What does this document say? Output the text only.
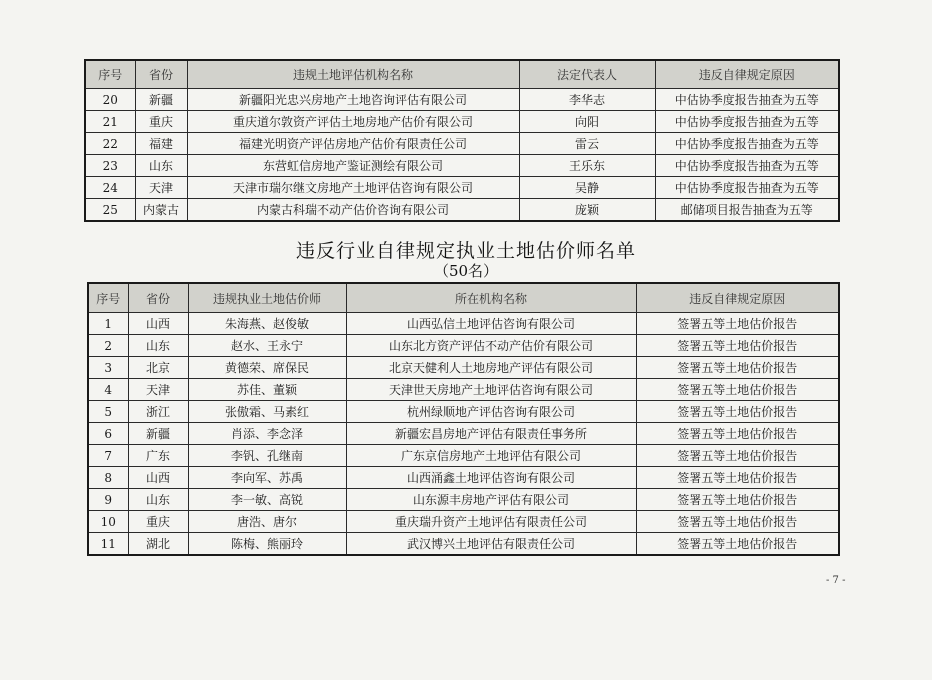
序号	省份	违规土地评估机构名称	法定代表人	违反自律规定原因
20	新疆	新疆阳光忠兴房地产土地咨询评估有限公司	李华志	中估协季度报告抽查为五等
21	重庆	重庆道尔敦资产评估土地房地产估价有限公司	向阳	中估协季度报告抽查为五等
22	福建	福建光明资产评估房地产估价有限责任公司	雷云	中估协季度报告抽查为五等
23	山东	东营虹信房地产鉴证测绘有限公司	王乐东	中估协季度报告抽查为五等
24	天津	天津市瑞尔继文房地产土地评估咨询有限公司	吴静	中估协季度报告抽查为五等
25	内蒙古	内蒙古科瑞不动产估价咨询有限公司	庞颖	邮储项目报告抽查为五等
违反行业自律规定执业土地估价师名单
（50名）
序号	省份	违规执业土地估价师	所在机构名称	违反自律规定原因
1	山西	朱海燕、赵俊敏	山西弘信土地评估咨询有限公司	签署五等土地估价报告
2	山东	赵水、王永宁	山东北方资产评估不动产估价有限公司	签署五等土地估价报告
3	北京	黄德荣、席保民	北京天健利人土地房地产评估有限公司	签署五等土地估价报告
4	天津	苏佳、董颖	天津世天房地产土地评估咨询有限公司	签署五等土地估价报告
5	浙江	张傲霜、马素红	杭州绿顺地产评估咨询有限公司	签署五等土地估价报告
6	新疆	肖添、李念泽	新疆宏昌房地产评估有限责任事务所	签署五等土地估价报告
7	广东	李钒、孔继南	广东京信房地产土地评估有限公司	签署五等土地估价报告
8	山西	李向军、苏禹	山西涌鑫土地评估咨询有限公司	签署五等土地估价报告
9	山东	李一敏、高锐	山东源丰房地产评估有限公司	签署五等土地估价报告
10	重庆	唐浩、唐尔	重庆瑞升资产土地评估有限责任公司	签署五等土地估价报告
11	湖北	陈梅、熊丽玲	武汉博兴土地评估有限责任公司	签署五等土地估价报告
- 7 -
